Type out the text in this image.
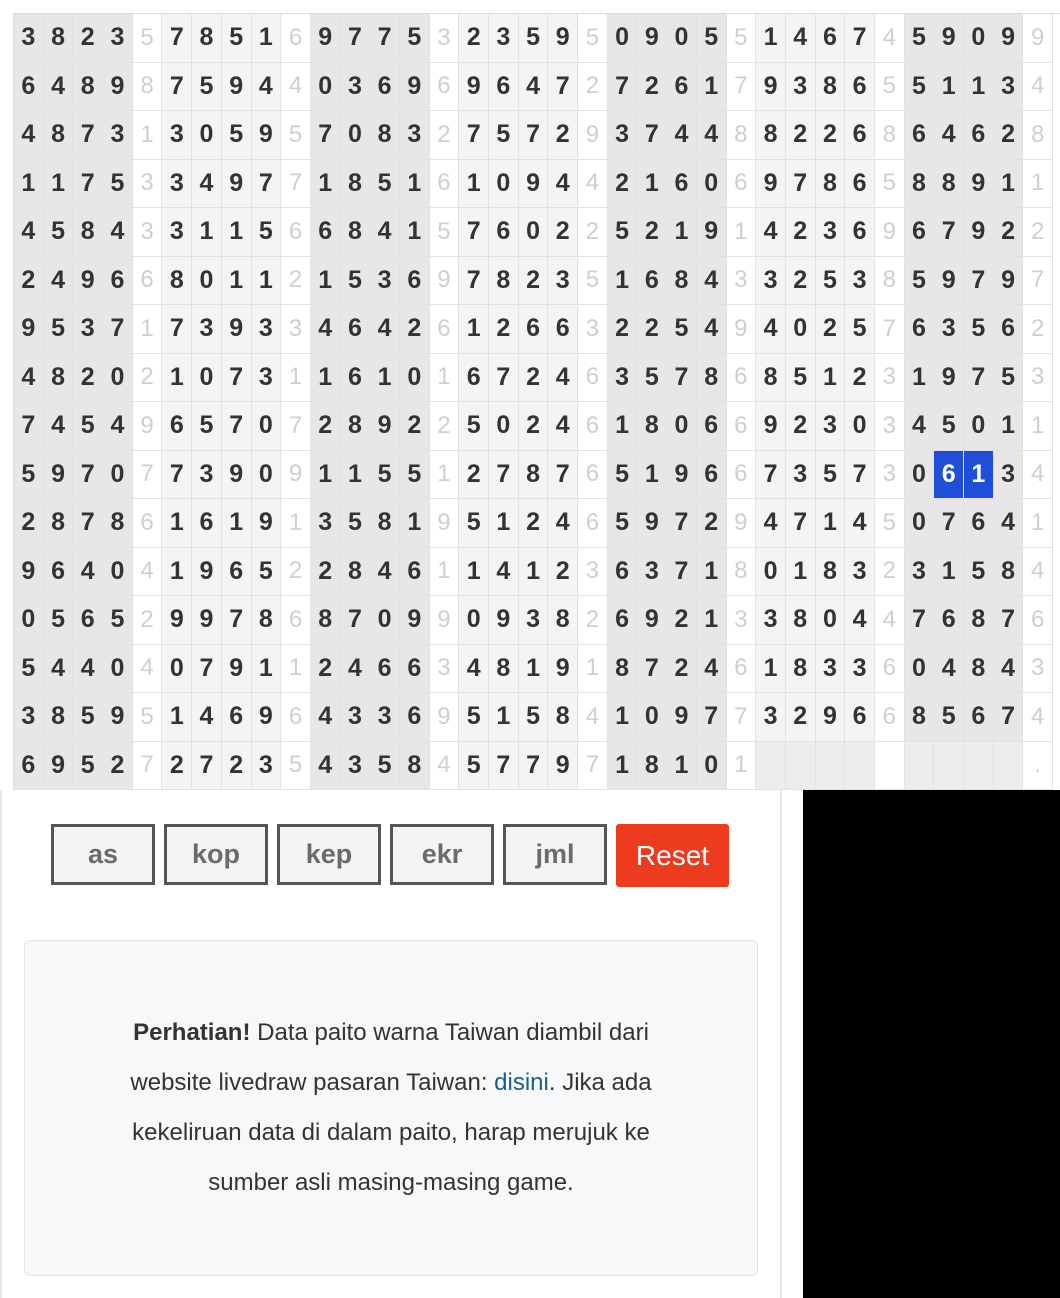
3 8 2 3 5 7 8 5 1 6 9 7 7 5 3 2 3 5 9 5 0 9 0 5 5 1 4 6 7 4 5 9 0 9 9
6 4 8 9 8 7 5 9 4 4 0 3 6 9 6 9 6 4 7 2 7 2 6 1 7 9 3 8 6 5 5 1 1 3 4
4 8 7 3 1 3 0 5 9 5 7 0 8 3 2 7 5 7 2 9 3 7 4 4 8 8 2 2 6 8 6 4 6 2 8
1 1 7 5 3 3 4 9 7 7 1 8 5 1 6 1 0 9 4 4 2 1 6 0 6 9 7 8 6 5 8 8 9 1 1
4 5 8 4 3 3 1 1 5 6 6 8 4 1 5 7 6 0 2 2 5 2 1 9 1 4 2 3 6 9 6 7 9 2 2
2 4 9 6 6 8 0 1 1 2 1 5 3 6 9 7 8 2 3 5 1 6 8 4 3 3 2 5 3 8 5 9 7 9 7
9 5 3 7 1 7 3 9 3 3 4 6 4 2 6 1 2 6 6 3 2 2 5 4 9 4 0 2 5 7 6 3 5 6 2
4 8 2 0 2 1 0 7 3 1 1 6 1 0 1 6 7 2 4 6 3 5 7 8 6 8 5 1 2 3 1 9 7 5 3
7 4 5 4 9 6 5 7 0 7 2 8 9 2 2 5 0 2 4 6 1 8 0 6 6 9 2 3 0 3 4 5 0 1 1
5 9 7 0 7 7 3 9 0 9 1 1 5 5 1 2 7 8 7 6 5 1 9 6 6 7 3 5 7 3 0 6 1 3 4
2 8 7 8 6 1 6 1 9 1 3 5 8 1 9 5 1 2 4 6 5 9 7 2 9 4 7 1 4 5 0 7 6 4 1
9 6 4 0 4 1 9 6 5 2 2 8 4 6 1 1 4 1 2 3 6 3 7 1 8 0 1 8 3 2 3 1 5 8 4
0 5 6 5 2 9 9 7 8 6 8 7 0 9 9 0 9 3 8 2 6 9 2 1 3 3 8 0 4 4 7 6 8 7 6
5 4 4 0 4 0 7 9 1 1 2 4 6 6 3 4 8 1 9 1 8 7 2 4 6 1 8 3 3 6 0 4 8 4 3
3 8 5 9 5 1 4 6 9 6 4 3 3 6 9 5 1 5 8 4 1 0 9 7 7 3 2 9 6 6 8 5 6 7 4
6 9 5 2 7 2 7 2 3 5 4 3 5 8 4 5 7 7 9 7 1 8 1 0 1	.
as	kop	kep	ekr	jml	Reset

Perhatian! Data paito warna Taiwan diambil dari website livedraw pasaran Taiwan: disini. Jika ada kekeliruan data di dalam paito, harap merujuk ke sumber asli masing-masing game.
